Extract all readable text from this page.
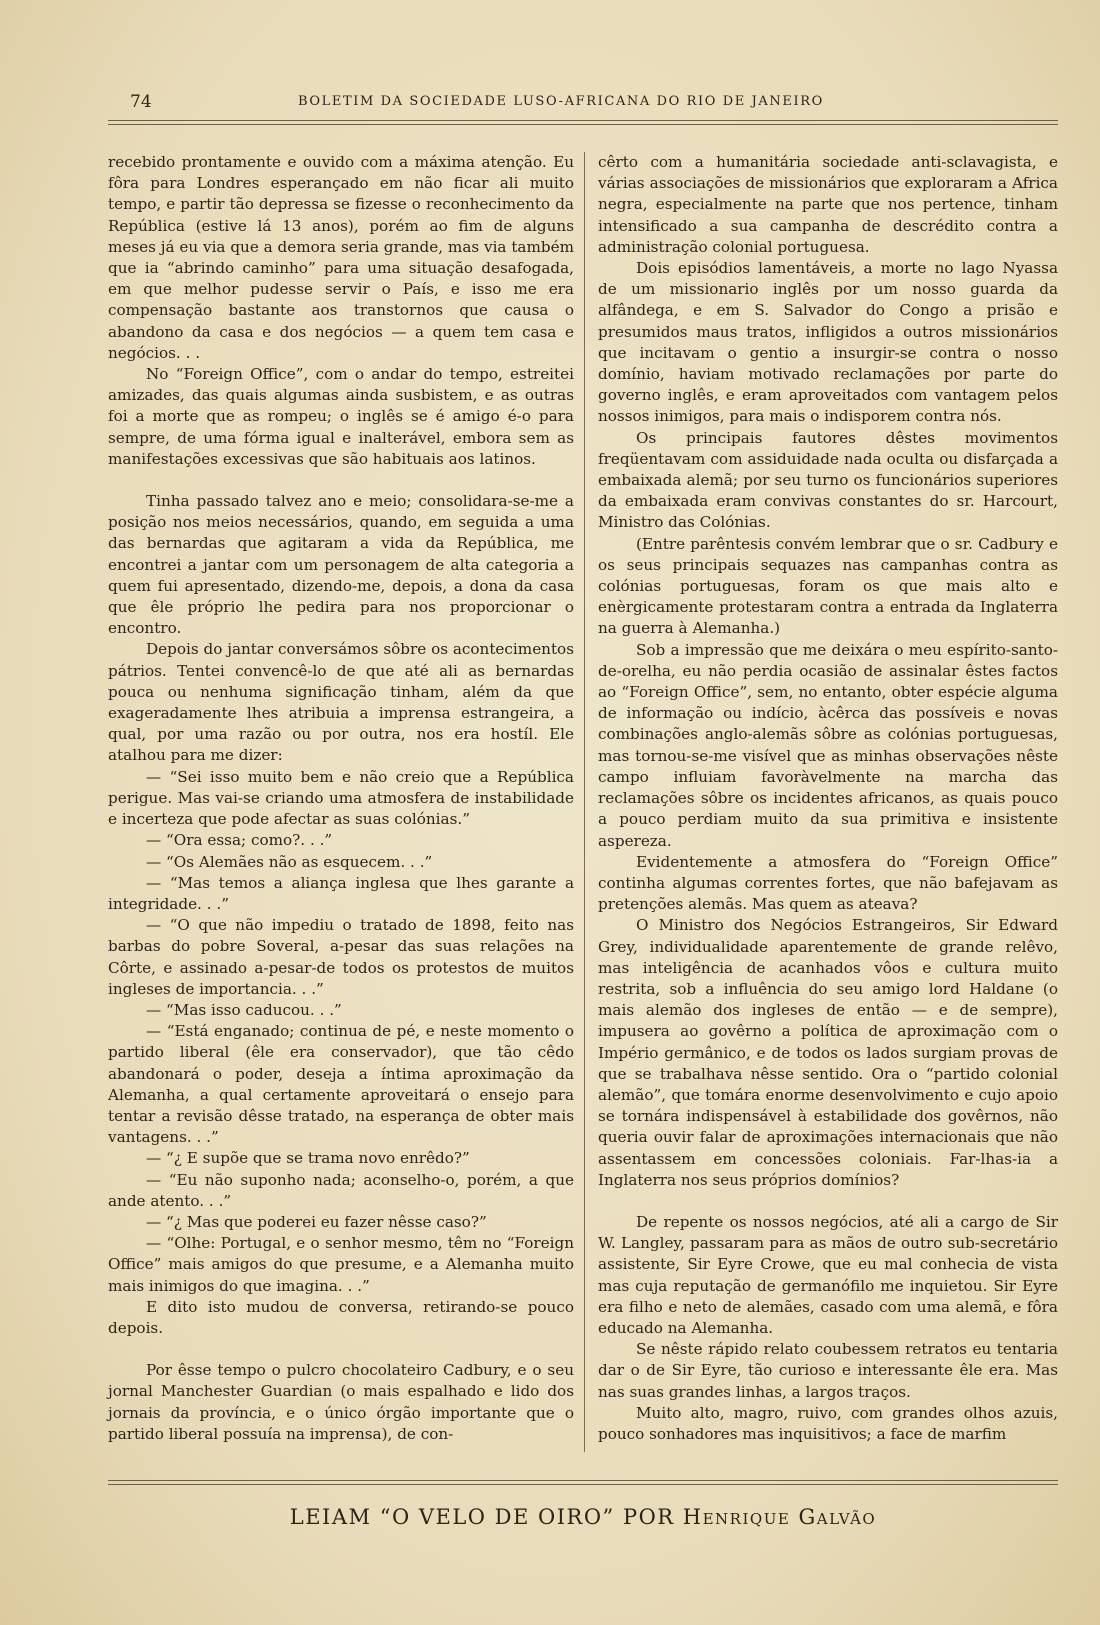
74	BOLETIM DA SOCIEDADE LUSO-AFRICANA DO RIO DE JANEIRO

recebido prontamente e ouvido com a máxima atenção. Eu fôra para Londres esperançado em não ficar ali muito tempo, e partir tão depressa se fizesse o reconhecimento da República (estive lá 13 anos), porém ao fim de alguns meses já eu via que a demora seria grande, mas via também que ia “abrindo caminho” para uma situação desafogada, em que melhor pudesse servir o País, e isso me era compensação bastante aos transtornos que causa o abandono da casa e dos negócios — a quem tem casa e negócios. . .

No “Foreign Office”, com o andar do tempo, estreitei amizades, das quais algumas ainda susbistem, e as outras foi a morte que as rompeu; o inglês se é amigo é-o para sempre, de uma fórma igual e inalterável, embora sem as manifestações excessivas que são habituais aos latinos.

Tinha passado talvez ano e meio; consolidara-se-me a posição nos meios necessários, quando, em seguida a uma das bernardas que agitaram a vida da República, me encontrei a jantar com um personagem de alta categoria a quem fui apresentado, dizendo-me, depois, a dona da casa que êle próprio lhe pedira para nos proporcionar o encontro.

Depois do jantar conversámos sôbre os acontecimentos pátrios. Tentei convencê-lo de que até ali as bernardas pouca ou nenhuma significação tinham, além da que exageradamente lhes atribuia a imprensa estrangeira, a qual, por uma razão ou por outra, nos era hostíl. Ele atalhou para me dizer:

— “Sei isso muito bem e não creio que a República perigue. Mas vai-se criando uma atmosfera de instabilidade e incerteza que pode afectar as suas colónias.”

— “Ora essa; como?. . .”

— “Os Alemães não as esquecem. . .”

— “Mas temos a aliança inglesa que lhes garante a integridade. . .”

— “O que não impediu o tratado de 1898, feito nas barbas do pobre Soveral, a-pesar das suas relações na Côrte, e assinado a-pesar-de todos os protestos de muitos ingleses de importancia. . .”

— “Mas isso caducou. . .”

— “Está enganado; continua de pé, e neste momento o partido liberal (êle era conservador), que tão cêdo abandonará o poder, deseja a íntima aproximação da Alemanha, a qual certamente aproveitará o ensejo para tentar a revisão dêsse tratado, na esperança de obter mais vantagens. . .”

— “¿ E supõe que se trama novo enrêdo?”

— “Eu não suponho nada; aconselho-o, porém, a que ande atento. . .”

— “¿ Mas que poderei eu fazer nêsse caso?”

— “Olhe: Portugal, e o senhor mesmo, têm no “Foreign Office” mais amigos do que presume, e a Alemanha muito mais inimigos do que imagina. . .”

E dito isto mudou de conversa, retirando-se pouco depois.

Por êsse tempo o pulcro chocolateiro Cadbury, e o seu jornal Manchester Guardian (o mais espalhado e lido dos jornais da província, e o único órgão importante que o partido liberal possuía na imprensa), de con-

cêrto com a humanitária sociedade anti-sclavagista, e várias associações de missionários que exploraram a Africa negra, especialmente na parte que nos pertence, tinham intensificado a sua campanha de descrédito contra a administração colonial portuguesa.

Dois episódios lamentáveis, a morte no lago Nyassa de um missionario inglês por um nosso guarda da alfândega, e em S. Salvador do Congo a prisão e presumidos maus tratos, infligidos a outros missionários que incitavam o gentio a insurgir-se contra o nosso domínio, haviam motivado reclamações por parte do governo inglês, e eram aproveitados com vantagem pelos nossos inimigos, para mais o indisporem contra nós.

Os principais fautores dêstes movimentos freqüentavam com assiduidade nada oculta ou disfarçada a embaixada alemã; por seu turno os funcionários superiores da embaixada eram convivas constantes do sr. Harcourt, Ministro das Colónias.

(Entre parêntesis convém lembrar que o sr. Cadbury e os seus principais sequazes nas campanhas contra as colónias portuguesas, foram os que mais alto e enèrgicamente protestaram contra a entrada da Inglaterra na guerra à Alemanha.)

Sob a impressão que me deixára o meu espírito-santo-de-orelha, eu não perdia ocasião de assinalar êstes factos ao “Foreign Office”, sem, no entanto, obter espécie alguma de informação ou indício, àcêrca das possíveis e novas combinações anglo-alemãs sôbre as colónias portuguesas, mas tornou-se-me visível que as minhas observações nêste campo influiam favoràvelmente na marcha das reclamações sôbre os incidentes africanos, as quais pouco a pouco perdiam muito da sua primitiva e insistente aspereza.

Evidentemente a atmosfera do “Foreign Office” continha algumas correntes fortes, que não bafejavam as pretenções alemãs. Mas quem as ateava?

O Ministro dos Negócios Estrangeiros, Sir Edward Grey, individualidade aparentemente de grande relêvo, mas inteligência de acanhados vôos e cultura muito restrita, sob a influência do seu amigo lord Haldane (o mais alemão dos ingleses de então — e de sempre), impusera ao govêrno a política de aproximação com o Império germânico, e de todos os lados surgiam provas de que se trabalhava nêsse sentido. Ora o “partido colonial alemão”, que tomára enorme desenvolvimento e cujo apoio se tornára indispensável à estabilidade dos govêrnos, não queria ouvir falar de aproximações internacionais que não assentassem em concessões coloniais. Far-lhas-ia a Inglaterra nos seus próprios domínios?

De repente os nossos negócios, até ali a cargo de Sir W. Langley, passaram para as mãos de outro sub-secretário assistente, Sir Eyre Crowe, que eu mal conhecia de vista mas cuja reputação de germanófilo me inquietou. Sir Eyre era filho e neto de alemães, casado com uma alemã, e fôra educado na Alemanha.

Se nêste rápido relato coubessem retratos eu tentaria dar o de Sir Eyre, tão curioso e interessante êle era. Mas nas suas grandes linhas, a largos traços.

Muito alto, magro, ruivo, com grandes olhos azuis, pouco sonhadores mas inquisitivos; a face de marfim

LEIAM “O VELO DE OIRO” POR Henrique Galvão
